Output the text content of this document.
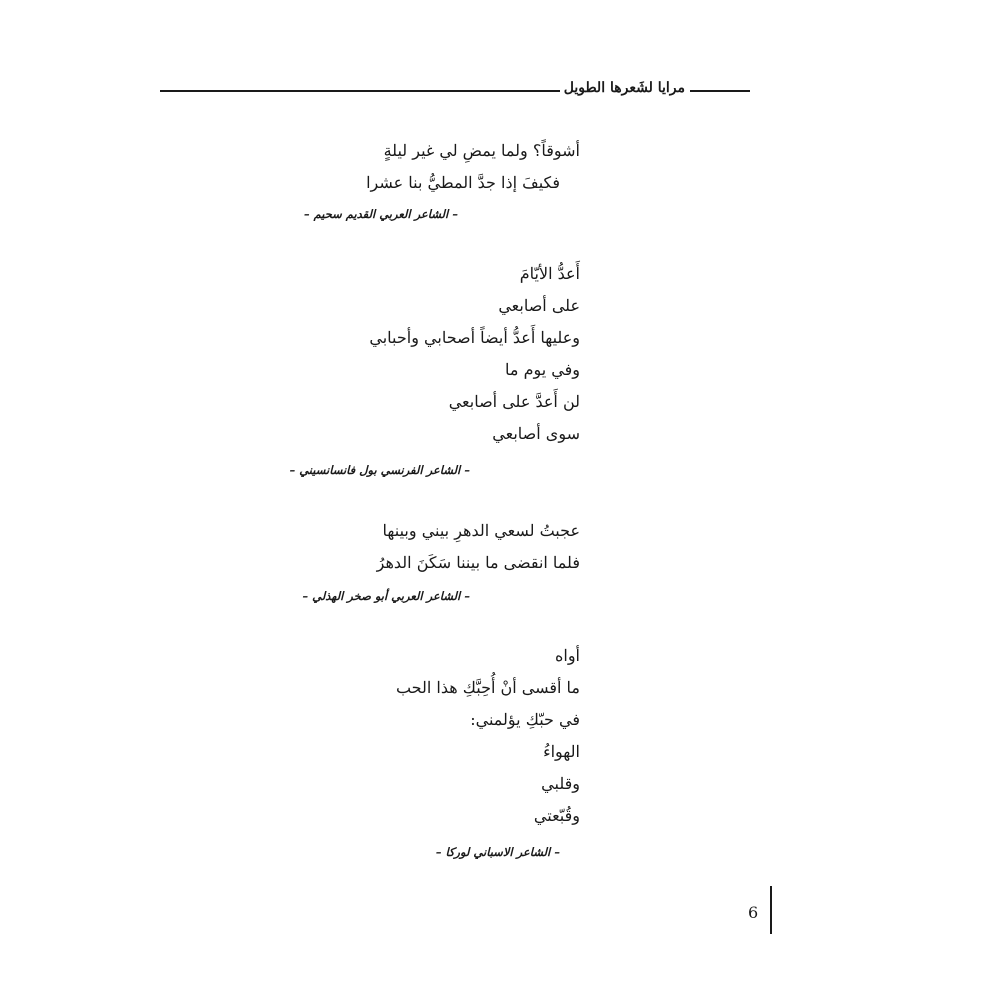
مرايا لشَعرها الطويل
أشوقاً؟ ولما يمضِ لي غير ليلةٍ
فكيفَ إذا جدَّ المطيُّ بنا عشرا
– الشاعر العربي القديم سحيم –
أَعدُّ الأيّامَ
على أصابعي
وعليها أَعدُّ أيضاً أصحابي وأحبابي
وفي يوم ما
لن أَعدَّ على أصابعي
سوى أصابعي
– الشاعر الفرنسي بول فانسانسيني –
عجبتُ لسعي الدهرِ بيني وبينها
فلما انقضى ما بيننا سَكَنَ الدهرُ
– الشاعر العربي أبو صخر الهذلي –
أواه
ما أقسى أنْ أُحِبَّكِ هذا الحب
في حبّكِ يؤلمني:
الهواءُ
وقلبي
وقُبّعتي
– الشاعر الاسباني لوركا –
6
